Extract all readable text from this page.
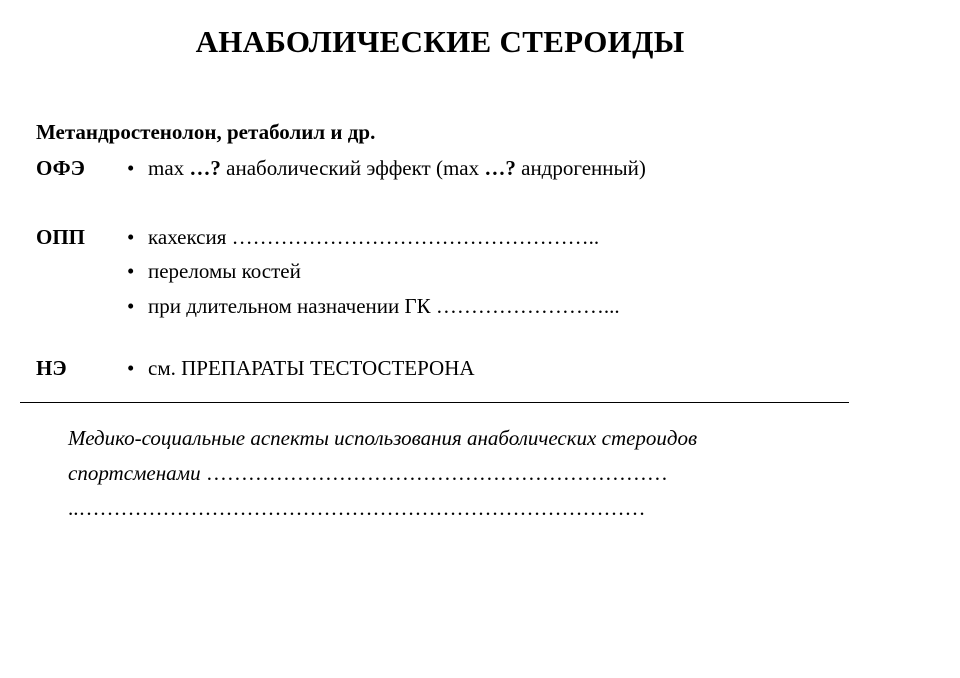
АНАБОЛИЧЕСКИЕ СТЕРОИДЫ
Метандростенолон, ретаболил и др.
ОФЭ • max …? анаболический эффект (max …? андрогенный)
ОПП • кахексия ……………………………………………..
• переломы костей
• при длительном назначении ГК ……………………...
НЭ	• см. ПРЕПАРАТЫ ТЕСТОСТЕРОНА
Медико-социальные аспекты использования анаболических стероидов
спортсменами …………………………………………………………
..………………………………………………………………………
